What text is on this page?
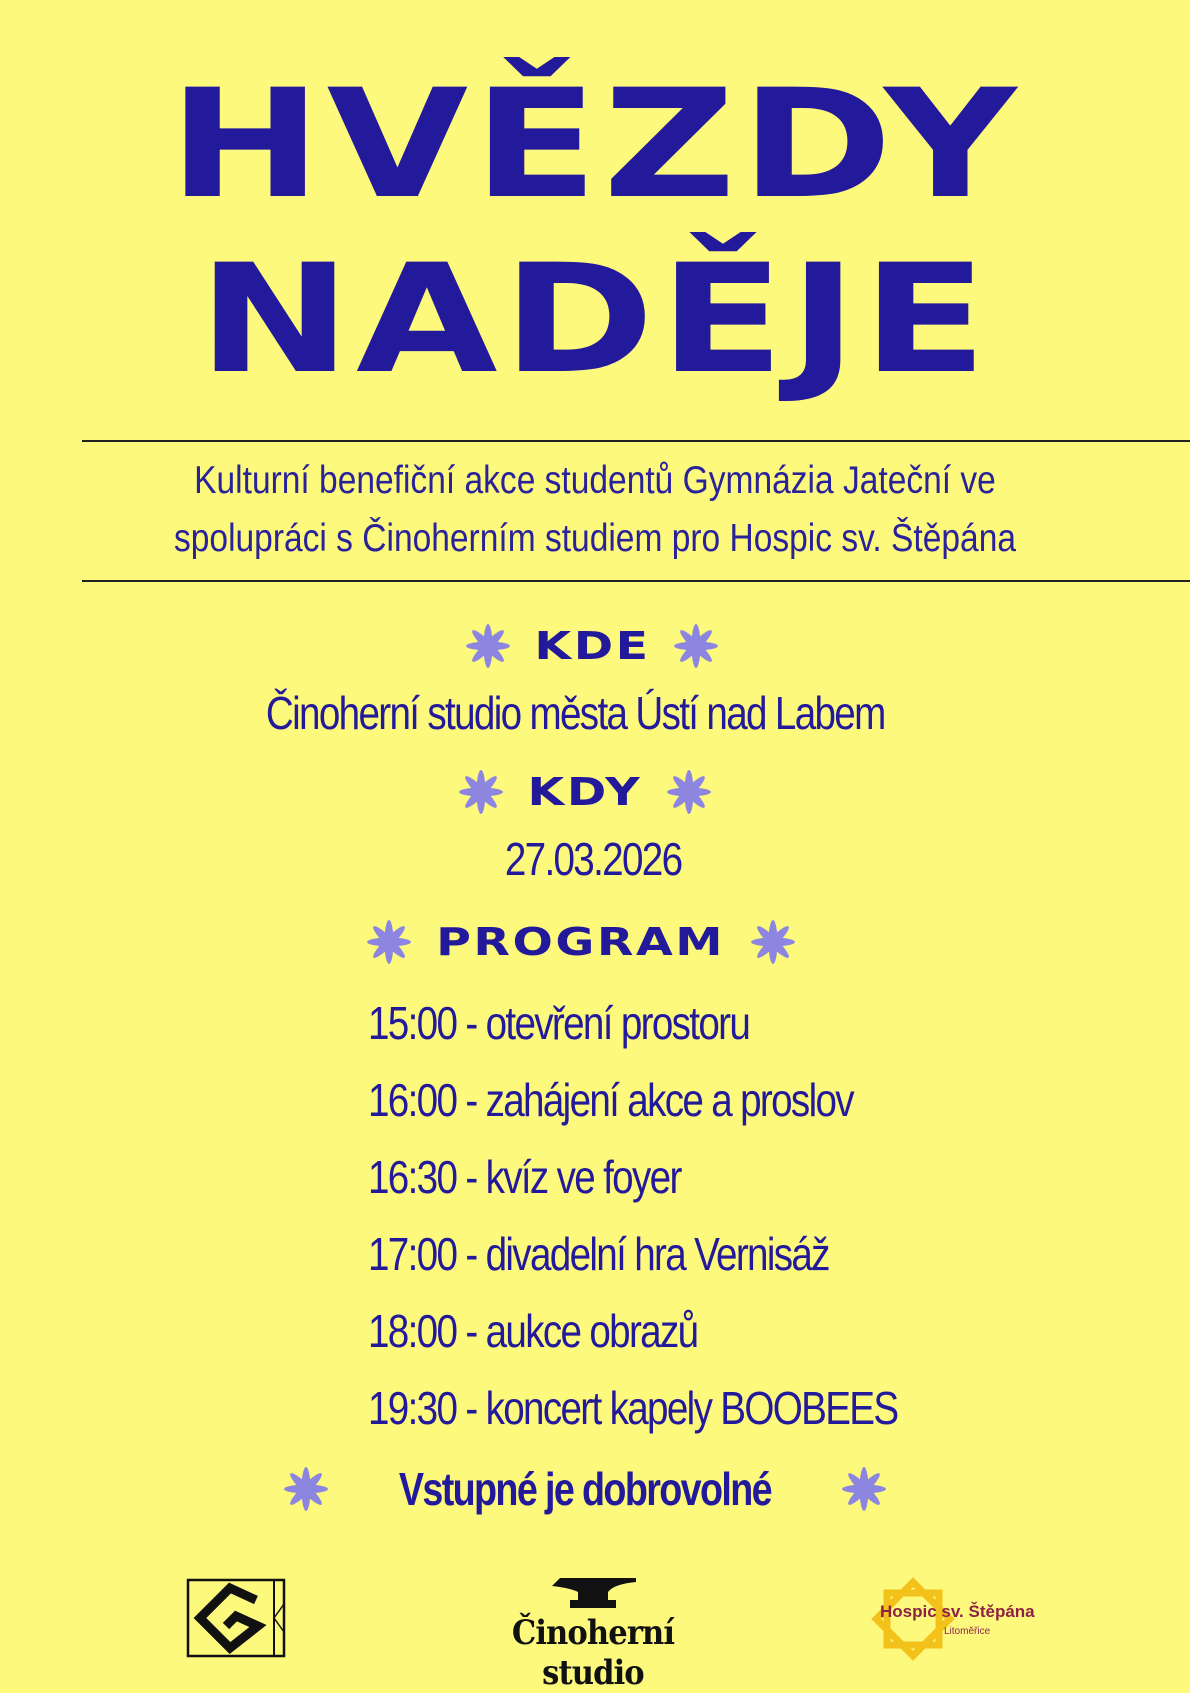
HVĚZDY
NADĚJE
Kulturní benefiční akce studentů Gymnázia Jateční ve
spolupráci s Činoherním studiem pro Hospic sv. Štěpána
KDE
Činoherní studio města Ústí nad Labem
KDY
27.03.2026
PROGRAM
15:00 - otevření prostoru
16:00 - zahájení akce a proslov
16:30 - kvíz ve foyer
17:00 - divadelní hra Vernisáž
18:00 - aukce obrazů
19:30 - koncert kapely BOOBEES
Vstupné je dobrovolné
Činoherní studio
Hospic sv. Štěpána
Litoměřice
